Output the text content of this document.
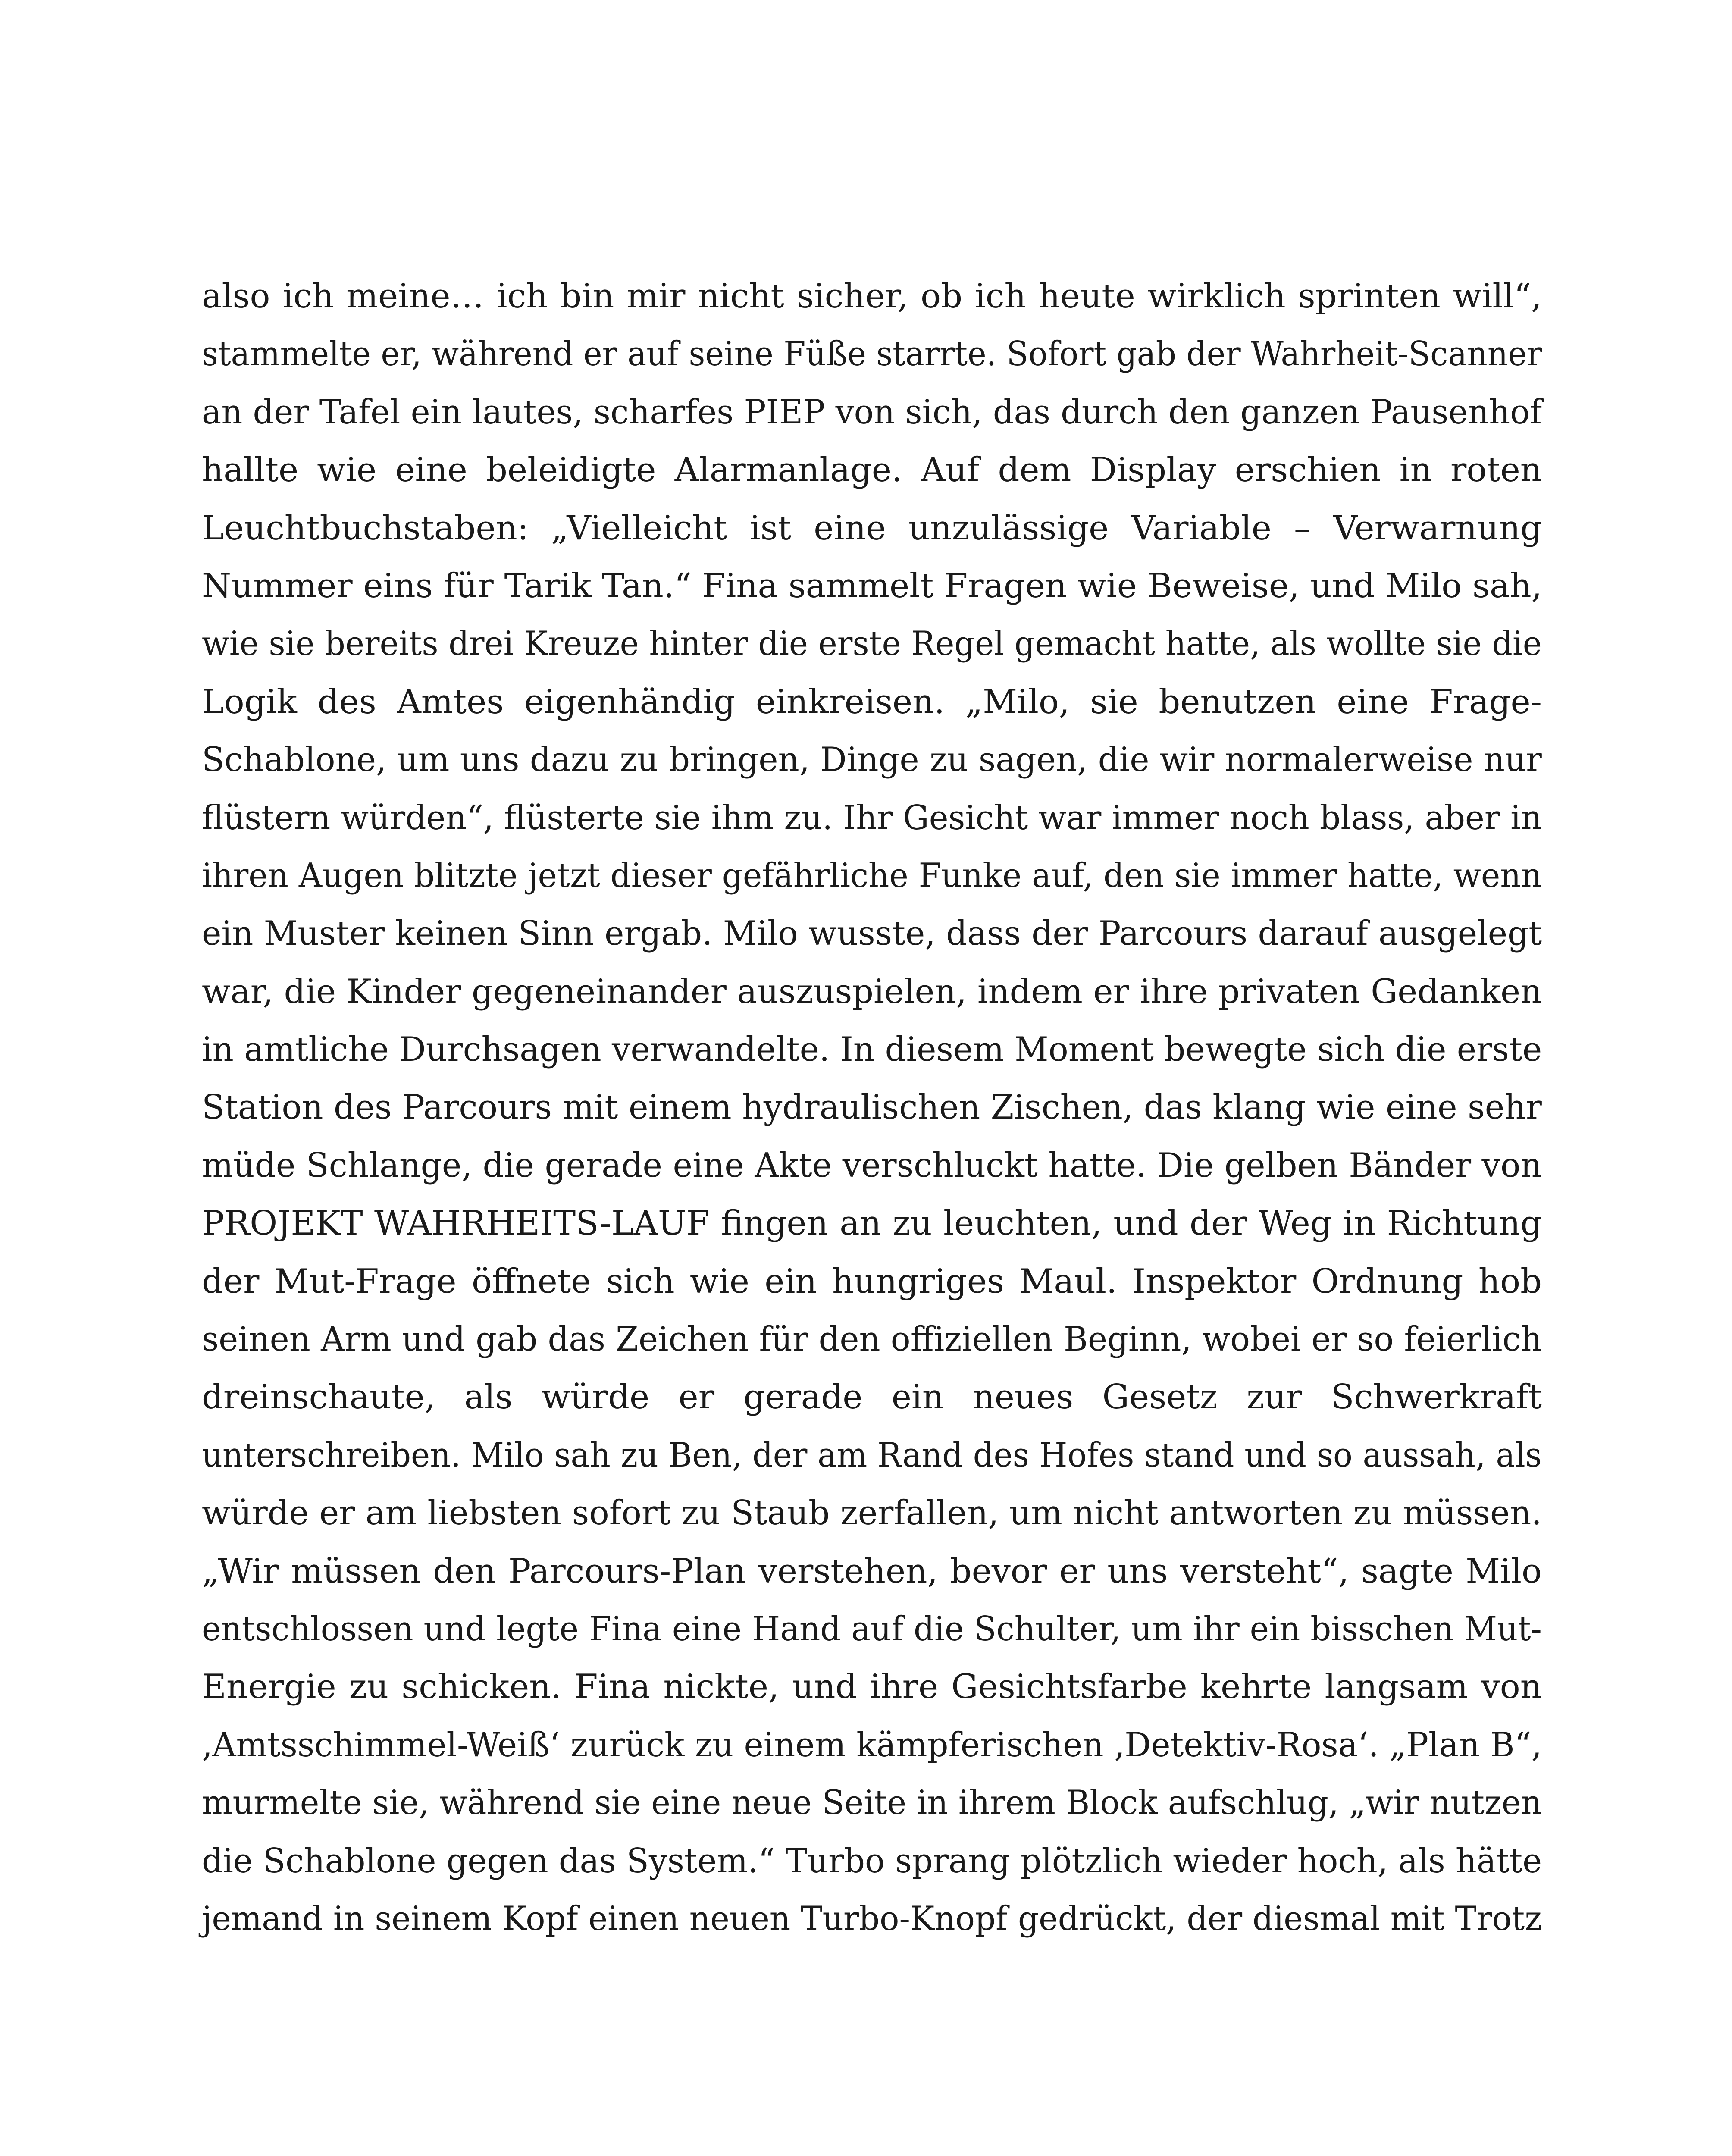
also ich meine… ich bin mir nicht sicher, ob ich heute wirklich sprinten will“,
stammelte er, während er auf seine Füße starrte. Sofort gab der Wahrheit-Scanner
an der Tafel ein lautes, scharfes PIEP von sich, das durch den ganzen Pausenhof
hallte wie eine beleidigte Alarmanlage. Auf dem Display erschien in roten
Leuchtbuchstaben: „Vielleicht ist eine unzulässige Variable – Verwarnung
Nummer eins für Tarik Tan.“ Fina sammelt Fragen wie Beweise, und Milo sah,
wie sie bereits drei Kreuze hinter die erste Regel gemacht hatte, als wollte sie die
Logik des Amtes eigenhändig einkreisen. „Milo, sie benutzen eine Frage-
Schablone, um uns dazu zu bringen, Dinge zu sagen, die wir normalerweise nur
flüstern würden“, flüsterte sie ihm zu. Ihr Gesicht war immer noch blass, aber in
ihren Augen blitzte jetzt dieser gefährliche Funke auf, den sie immer hatte, wenn
ein Muster keinen Sinn ergab. Milo wusste, dass der Parcours darauf ausgelegt
war, die Kinder gegeneinander auszuspielen, indem er ihre privaten Gedanken
in amtliche Durchsagen verwandelte. In diesem Moment bewegte sich die erste
Station des Parcours mit einem hydraulischen Zischen, das klang wie eine sehr
müde Schlange, die gerade eine Akte verschluckt hatte. Die gelben Bänder von
PROJEKT WAHRHEITS-LAUF fingen an zu leuchten, und der Weg in Richtung
der Mut-Frage öffnete sich wie ein hungriges Maul. Inspektor Ordnung hob
seinen Arm und gab das Zeichen für den offiziellen Beginn, wobei er so feierlich
dreinschaute, als würde er gerade ein neues Gesetz zur Schwerkraft
unterschreiben. Milo sah zu Ben, der am Rand des Hofes stand und so aussah, als
würde er am liebsten sofort zu Staub zerfallen, um nicht antworten zu müssen.
„Wir müssen den Parcours-Plan verstehen, bevor er uns versteht“, sagte Milo
entschlossen und legte Fina eine Hand auf die Schulter, um ihr ein bisschen Mut-
Energie zu schicken. Fina nickte, und ihre Gesichtsfarbe kehrte langsam von
‚Amtsschimmel-Weiß‘ zurück zu einem kämpferischen ‚Detektiv-Rosa‘. „Plan B“,
murmelte sie, während sie eine neue Seite in ihrem Block aufschlug, „wir nutzen
die Schablone gegen das System.“ Turbo sprang plötzlich wieder hoch, als hätte
jemand in seinem Kopf einen neuen Turbo-Knopf gedrückt, der diesmal mit Trotz
